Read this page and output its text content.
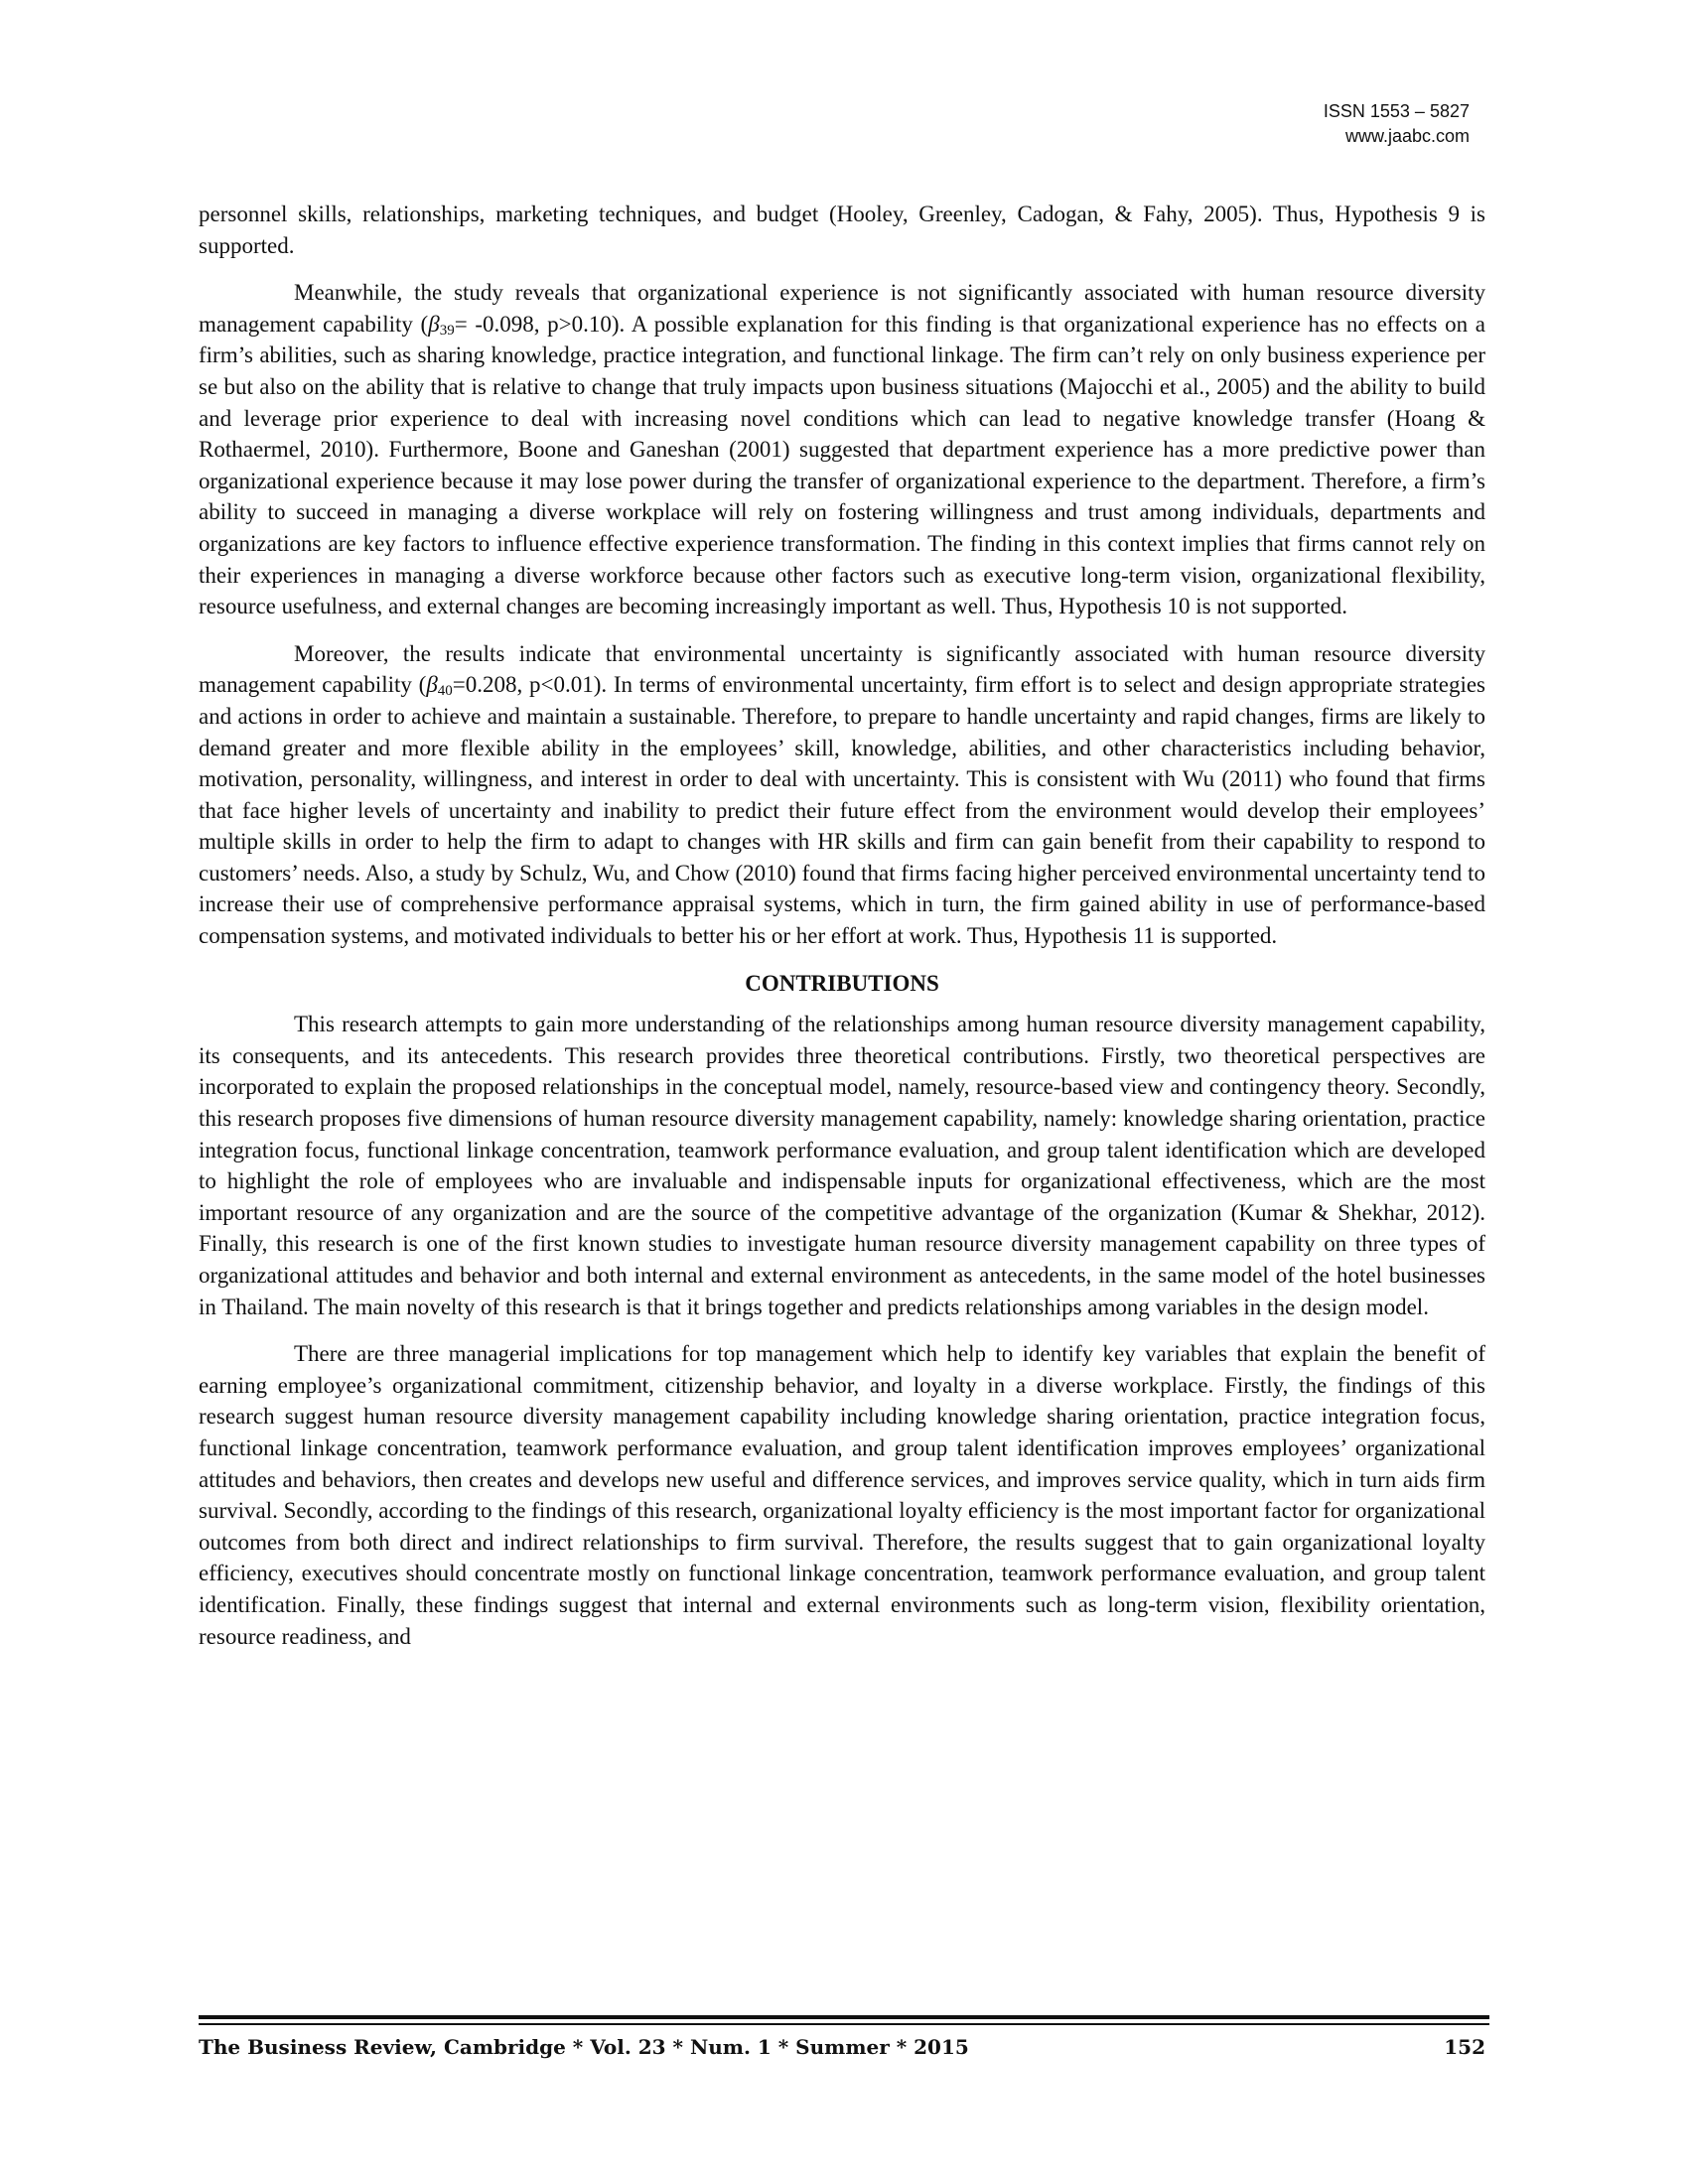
ISSN 1553 – 5827
www.jaabc.com

personnel skills, relationships, marketing techniques, and budget (Hooley, Greenley, Cadogan, & Fahy, 2005). Thus, Hypothesis 9 is supported.

Meanwhile, the study reveals that organizational experience is not significantly associated with human resource diversity management capability ($\beta_{39}= -0.098$, p>0.10). A possible explanation for this finding is that organizational experience has no effects on a firm’s abilities, such as sharing knowledge, practice integration, and functional linkage. The firm can’t rely on only business experience per se but also on the ability that is relative to change that truly impacts upon business situations (Majocchi et al., 2005) and the ability to build and leverage prior experience to deal with increasing novel conditions which can lead to negative knowledge transfer (Hoang & Rothaermel, 2010). Furthermore, Boone and Ganeshan (2001) suggested that department experience has a more predictive power than organizational experience because it may lose power during the transfer of organizational experience to the department. Therefore, a firm’s ability to succeed in managing a diverse workplace will rely on fostering willingness and trust among individuals, departments and organizations are key factors to influence effective experience transformation. The finding in this context implies that firms cannot rely on their experiences in managing a diverse workforce because other factors such as executive long-term vision, organizational flexibility, resource usefulness, and external changes are becoming increasingly important as well. Thus, Hypothesis 10 is not supported.

Moreover, the results indicate that environmental uncertainty is significantly associated with human resource diversity management capability ($\beta_{40}=0.208$, p<0.01). In terms of environmental uncertainty, firm effort is to select and design appropriate strategies and actions in order to achieve and maintain a sustainable. Therefore, to prepare to handle uncertainty and rapid changes, firms are likely to demand greater and more flexible ability in the employees’ skill, knowledge, abilities, and other characteristics including behavior, motivation, personality, willingness, and interest in order to deal with uncertainty. This is consistent with Wu (2011) who found that firms that face higher levels of uncertainty and inability to predict their future effect from the environment would develop their employees’ multiple skills in order to help the firm to adapt to changes with HR skills and firm can gain benefit from their capability to respond to customers’ needs. Also, a study by Schulz, Wu, and Chow (2010) found that firms facing higher perceived environmental uncertainty tend to increase their use of comprehensive performance appraisal systems, which in turn, the firm gained ability in use of performance-based compensation systems, and motivated individuals to better his or her effort at work. Thus, Hypothesis 11 is supported.

CONTRIBUTIONS

This research attempts to gain more understanding of the relationships among human resource diversity management capability, its consequents, and its antecedents. This research provides three theoretical contributions. Firstly, two theoretical perspectives are incorporated to explain the proposed relationships in the conceptual model, namely, resource-based view and contingency theory. Secondly, this research proposes five dimensions of human resource diversity management capability, namely: knowledge sharing orientation, practice integration focus, functional linkage concentration, teamwork performance evaluation, and group talent identification which are developed to highlight the role of employees who are invaluable and indispensable inputs for organizational effectiveness, which are the most important resource of any organization and are the source of the competitive advantage of the organization (Kumar & Shekhar, 2012). Finally, this research is one of the first known studies to investigate human resource diversity management capability on three types of organizational attitudes and behavior and both internal and external environment as antecedents, in the same model of the hotel businesses in Thailand. The main novelty of this research is that it brings together and predicts relationships among variables in the design model.

There are three managerial implications for top management which help to identify key variables that explain the benefit of earning employee’s organizational commitment, citizenship behavior, and loyalty in a diverse workplace. Firstly, the findings of this research suggest human resource diversity management capability including knowledge sharing orientation, practice integration focus, functional linkage concentration, teamwork performance evaluation, and group talent identification improves employees’ organizational attitudes and behaviors, then creates and develops new useful and difference services, and improves service quality, which in turn aids firm survival. Secondly, according to the findings of this research, organizational loyalty efficiency is the most important factor for organizational outcomes from both direct and indirect relationships to firm survival. Therefore, the results suggest that to gain organizational loyalty efficiency, executives should concentrate mostly on functional linkage concentration, teamwork performance evaluation, and group talent identification. Finally, these findings suggest that internal and external environments such as long-term vision, flexibility orientation, resource readiness, and

The Business Review, Cambridge * Vol. 23 * Num. 1 * Summer * 2015	152
